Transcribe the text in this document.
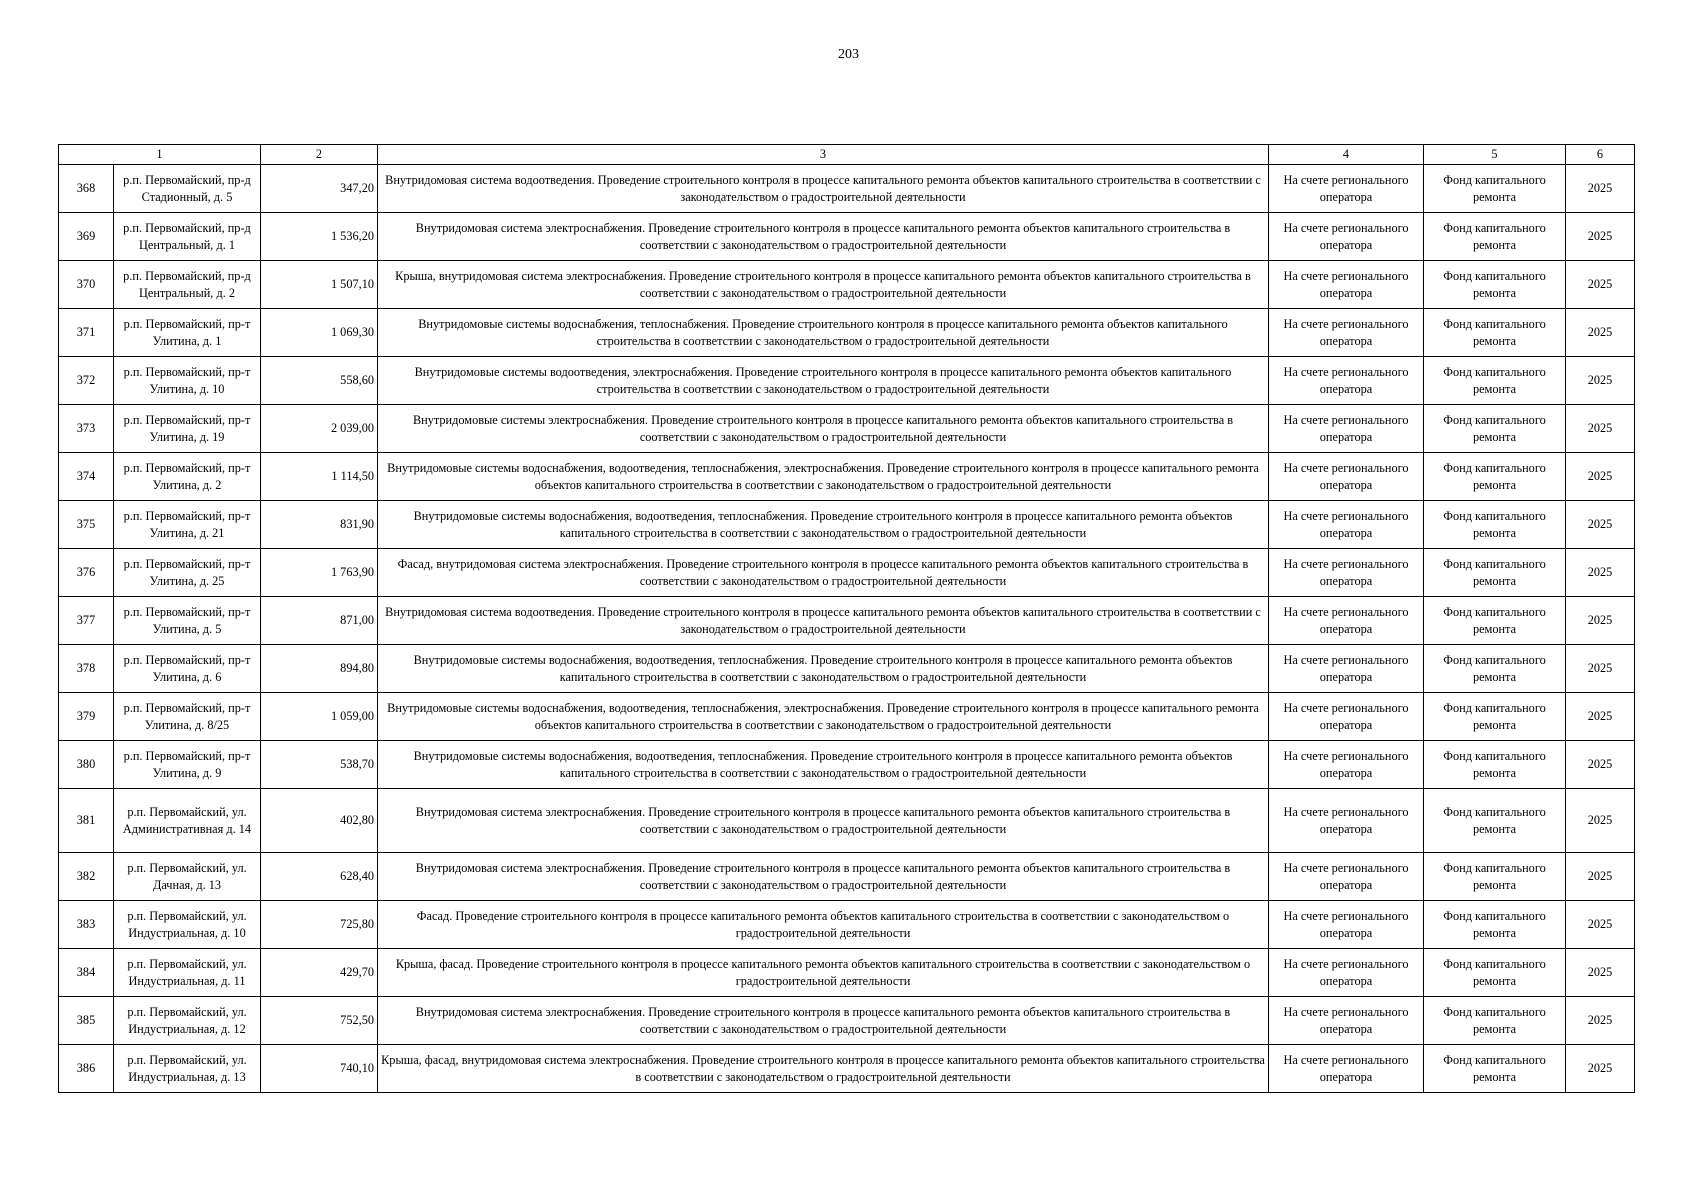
203
1		2	3	4	5	6
368	р.п. Первомайский, пр-д Стадионный, д. 5	347,20	Внутридомовая система водоотведения. Проведение строительного контроля в процессе капитального ремонта объектов капитального строительства в соответствии с законодательством о градостроительной деятельности	На счете регионального оператора	Фонд капитального ремонта	2025
369	р.п. Первомайский, пр-д Центральный, д. 1	1 536,20	Внутридомовая система электроснабжения. Проведение строительного контроля в процессе капитального ремонта объектов капитального строительства в соответствии с законодательством о градостроительной деятельности	На счете регионального оператора	Фонд капитального ремонта	2025
370	р.п. Первомайский, пр-д Центральный, д. 2	1 507,10	Крыша, внутридомовая система электроснабжения. Проведение строительного контроля в процессе капитального ремонта объектов капитального строительства в соответствии с законодательством о градостроительной деятельности	На счете регионального оператора	Фонд капитального ремонта	2025
371	р.п. Первомайский, пр-т Улитина, д. 1	1 069,30	Внутридомовые системы водоснабжения, теплоснабжения. Проведение строительного контроля в процессе капитального ремонта объектов капитального строительства в соответствии с законодательством о градостроительной деятельности	На счете регионального оператора	Фонд капитального ремонта	2025
372	р.п. Первомайский, пр-т Улитина, д. 10	558,60	Внутридомовые системы водоотведения, электроснабжения. Проведение строительного контроля в процессе капитального ремонта объектов капитального строительства в соответствии с законодательством о градостроительной деятельности	На счете регионального оператора	Фонд капитального ремонта	2025
373	р.п. Первомайский, пр-т Улитина, д. 19	2 039,00	Внутридомовые системы электроснабжения. Проведение строительного контроля в процессе капитального ремонта объектов капитального строительства в соответствии с законодательством о градостроительной деятельности	На счете регионального оператора	Фонд капитального ремонта	2025
374	р.п. Первомайский, пр-т Улитина, д. 2	1 114,50	Внутридомовые системы водоснабжения, водоотведения, теплоснабжения, электроснабжения. Проведение строительного контроля в процессе капитального ремонта объектов капитального строительства в соответствии с законодательством о градостроительной деятельности	На счете регионального оператора	Фонд капитального ремонта	2025
375	р.п. Первомайский, пр-т Улитина, д. 21	831,90	Внутридомовые системы водоснабжения, водоотведения, теплоснабжения. Проведение строительного контроля в процессе капитального ремонта объектов капитального строительства в соответствии с законодательством о градостроительной деятельности	На счете регионального оператора	Фонд капитального ремонта	2025
376	р.п. Первомайский, пр-т Улитина, д. 25	1 763,90	Фасад, внутридомовая система электроснабжения. Проведение строительного контроля в процессе капитального ремонта объектов капитального строительства в соответствии с законодательством о градостроительной деятельности	На счете регионального оператора	Фонд капитального ремонта	2025
377	р.п. Первомайский, пр-т Улитина, д. 5	871,00	Внутридомовая система водоотведения. Проведение строительного контроля в процессе капитального ремонта объектов капитального строительства в соответствии с законодательством о градостроительной деятельности	На счете регионального оператора	Фонд капитального ремонта	2025
378	р.п. Первомайский, пр-т Улитина, д. 6	894,80	Внутридомовые системы водоснабжения, водоотведения, теплоснабжения. Проведение строительного контроля в процессе капитального ремонта объектов капитального строительства в соответствии с законодательством о градостроительной деятельности	На счете регионального оператора	Фонд капитального ремонта	2025
379	р.п. Первомайский, пр-т Улитина, д. 8/25	1 059,00	Внутридомовые системы водоснабжения, водоотведения, теплоснабжения, электроснабжения. Проведение строительного контроля в процессе капитального ремонта объектов капитального строительства в соответствии с законодательством о градостроительной деятельности	На счете регионального оператора	Фонд капитального ремонта	2025
380	р.п. Первомайский, пр-т Улитина, д. 9	538,70	Внутридомовые системы водоснабжения, водоотведения, теплоснабжения. Проведение строительного контроля в процессе капитального ремонта объектов капитального строительства в соответствии с законодательством о градостроительной деятельности	На счете регионального оператора	Фонд капитального ремонта	2025
381	р.п. Первомайский, ул. Административная д. 14	402,80	Внутридомовая система электроснабжения. Проведение строительного контроля в процессе капитального ремонта объектов капитального строительства в соответствии с законодательством о градостроительной деятельности	На счете регионального оператора	Фонд капитального ремонта	2025
382	р.п. Первомайский, ул. Дачная, д. 13	628,40	Внутридомовая система электроснабжения. Проведение строительного контроля в процессе капитального ремонта объектов капитального строительства в соответствии с законодательством о градостроительной деятельности	На счете регионального оператора	Фонд капитального ремонта	2025
383	р.п. Первомайский, ул. Индустриальная, д. 10	725,80	Фасад. Проведение строительного контроля в процессе капитального ремонта объектов капитального строительства в соответствии с законодательством о градостроительной деятельности	На счете регионального оператора	Фонд капитального ремонта	2025
384	р.п. Первомайский, ул. Индустриальная, д. 11	429,70	Крыша, фасад. Проведение строительного контроля в процессе капитального ремонта объектов капитального строительства в соответствии с законодательством о градостроительной деятельности	На счете регионального оператора	Фонд капитального ремонта	2025
385	р.п. Первомайский, ул. Индустриальная, д. 12	752,50	Внутридомовая система электроснабжения. Проведение строительного контроля в процессе капитального ремонта объектов капитального строительства в соответствии с законодательством о градостроительной деятельности	На счете регионального оператора	Фонд капитального ремонта	2025
386	р.п. Первомайский, ул. Индустриальная, д. 13	740,10	Крыша, фасад, внутридомовая система электроснабжения. Проведение строительного контроля в процессе капитального ремонта объектов капитального строительства в соответствии с законодательством о градостроительной деятельности	На счете регионального оператора	Фонд капитального ремонта	2025
